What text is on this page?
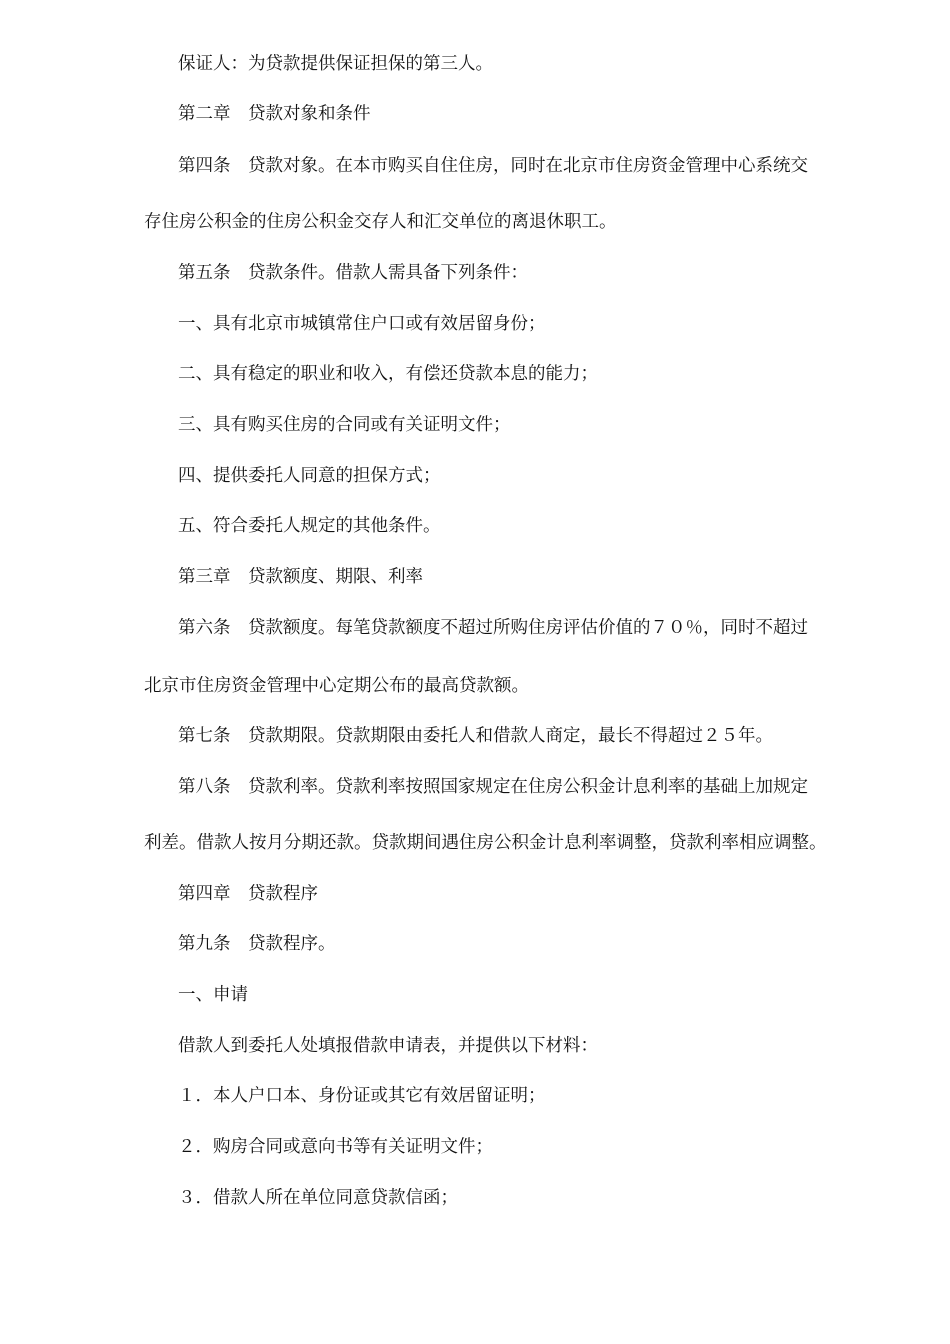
保证人：为贷款提供保证担保的第三人。

第二章　贷款对象和条件

第四条　贷款对象。在本市购买自住住房，同时在北京市住房资金管理中心系统交

存住房公积金的住房公积金交存人和汇交单位的离退休职工。

第五条　贷款条件。借款人需具备下列条件：

一、具有北京市城镇常住户口或有效居留身份；

二、具有稳定的职业和收入，有偿还贷款本息的能力；

三、具有购买住房的合同或有关证明文件；

四、提供委托人同意的担保方式；

五、符合委托人规定的其他条件。

第三章　贷款额度、期限、利率

第六条　贷款额度。每笔贷款额度不超过所购住房评估价值的７０％，同时不超过

北京市住房资金管理中心定期公布的最高贷款额。

第七条　贷款期限。贷款期限由委托人和借款人商定，最长不得超过２５年。

第八条　贷款利率。贷款利率按照国家规定在住房公积金计息利率的基础上加规定

利差。借款人按月分期还款。贷款期间遇住房公积金计息利率调整，贷款利率相应调整。

第四章　贷款程序

第九条　贷款程序。

一、申请

借款人到委托人处填报借款申请表，并提供以下材料：

１．本人户口本、身份证或其它有效居留证明；

２．购房合同或意向书等有关证明文件；

３．借款人所在单位同意贷款信函；
